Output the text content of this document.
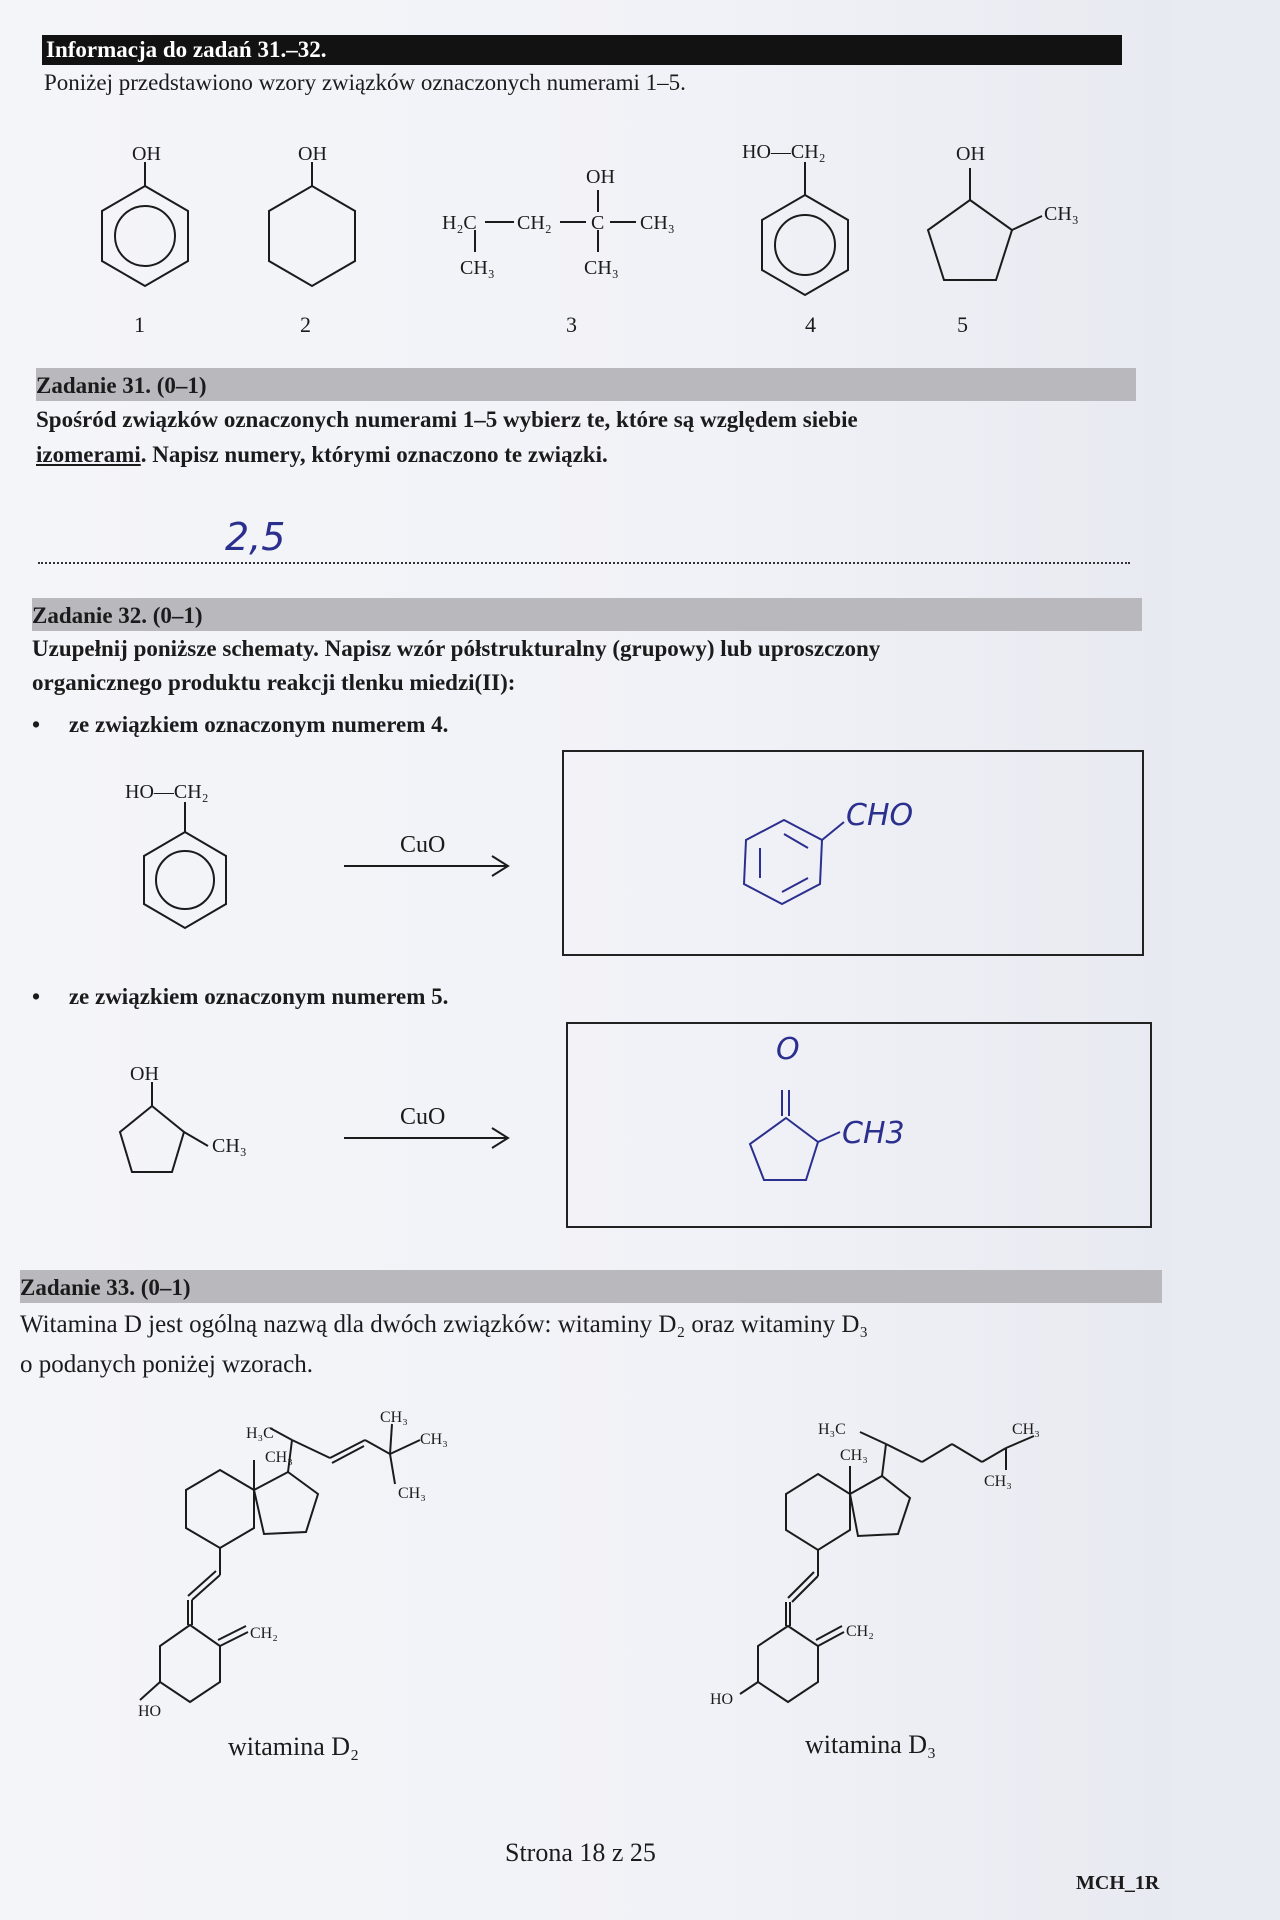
Informacja do zadań 31.–32.
Poniżej przedstawiono wzory związków oznaczonych numerami 1–5.
OH	OH
H₂C CH₂ C CH₃
OH
CH₃	CH₃
HO—CH₂	OH
CH₃
1	2	3	4	5
Zadanie 31. (0–1)
Spośród związków oznaczonych numerami 1–5 wybierz te, które są względem siebie
izomerami. Napisz numery, którymi oznaczono te związki.
2,5
Zadanie 32. (0–1)
Uzupełnij poniższe schematy. Napisz wzór półstrukturalny (grupowy) lub uproszczony
organicznego produktu reakcji tlenku miedzi(II):
•     ze związkiem oznaczonym numerem 4.
HO—CH₂
CuO
CHO
•     ze związkiem oznaczonym numerem 5.
OH
CH₃
CuO
O
CH3
Zadanie 33. (0–1)
Witamina D jest ogólną nazwą dla dwóch związków: witaminy D₂ oraz witaminy D₃
o podanych poniżej wzorach.
CH₃
CH₃
CH₃
H₃C
CH₃
CH₂
HO
witamina D₂
H₃C
CH₃
CH₃
CH₃
CH₂
HO
witamina D₃
Strona 18 z 25
MCH_1R
